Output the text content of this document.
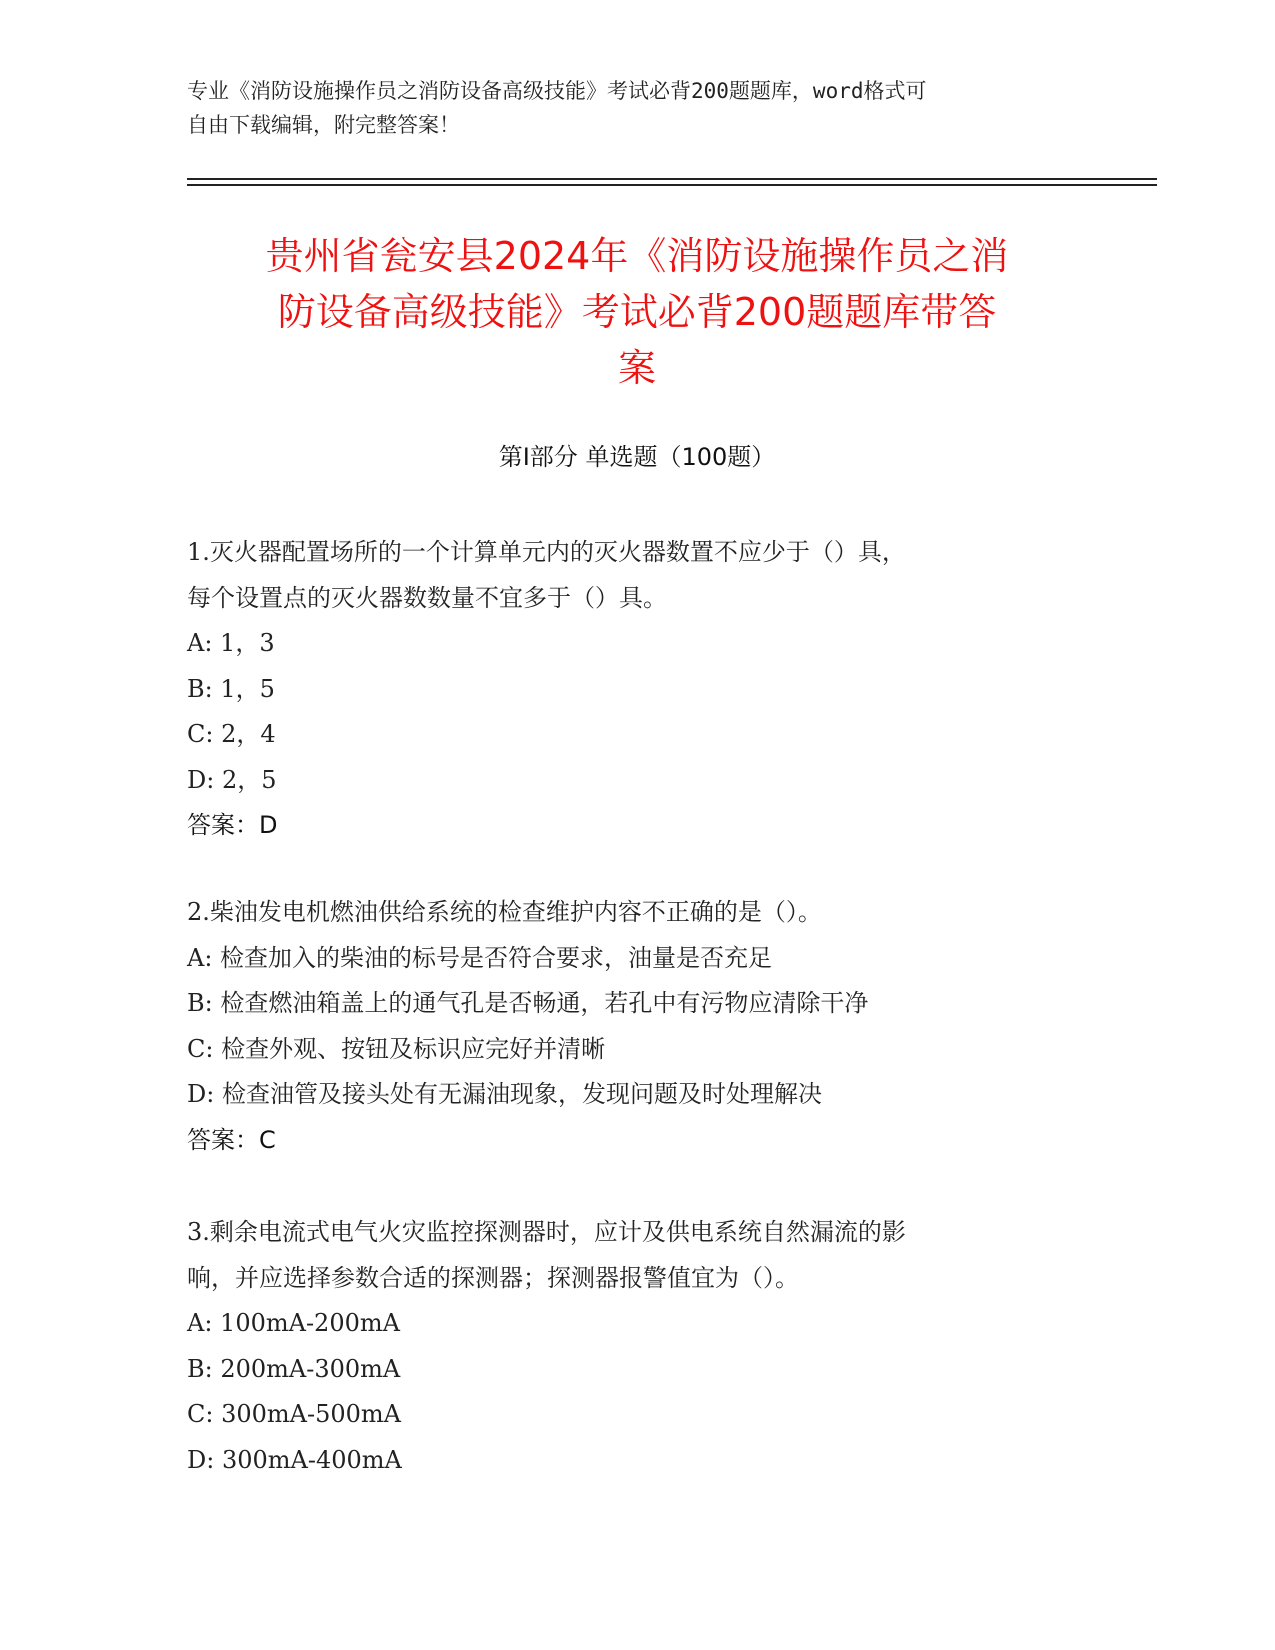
专业《消防设施操作员之消防设备高级技能》考试必背200题题库，word格式可
自由下载编辑，附完整答案！
贵州省瓮安县2024年《消防设施操作员之消
防设备高级技能》考试必背200题题库带答
案
第I部分 单选题（100题）
1.灭火器配置场所的一个计算单元内的灭火器数置不应少于（）具，
每个设置点的灭火器数数量不宜多于（）具。
A: 1，3
B: 1，5
C: 2，4
D: 2，5
答案：D
2.柴油发电机燃油供给系统的检查维护内容不正确的是（）。
A: 检查加入的柴油的标号是否符合要求，油量是否充足
B: 检查燃油箱盖上的通气孔是否畅通，若孔中有污物应清除干净
C: 检查外观、按钮及标识应完好并清晰
D: 检查油管及接头处有无漏油现象，发现问题及时处理解决
答案：C
3.剩余电流式电气火灾监控探测器时，应计及供电系统自然漏流的影
响，并应选择参数合适的探测器；探测器报警值宜为（）。
A: 100mA-200mA
B: 200mA-300mA
C: 300mA-500mA
D: 300mA-400mA
